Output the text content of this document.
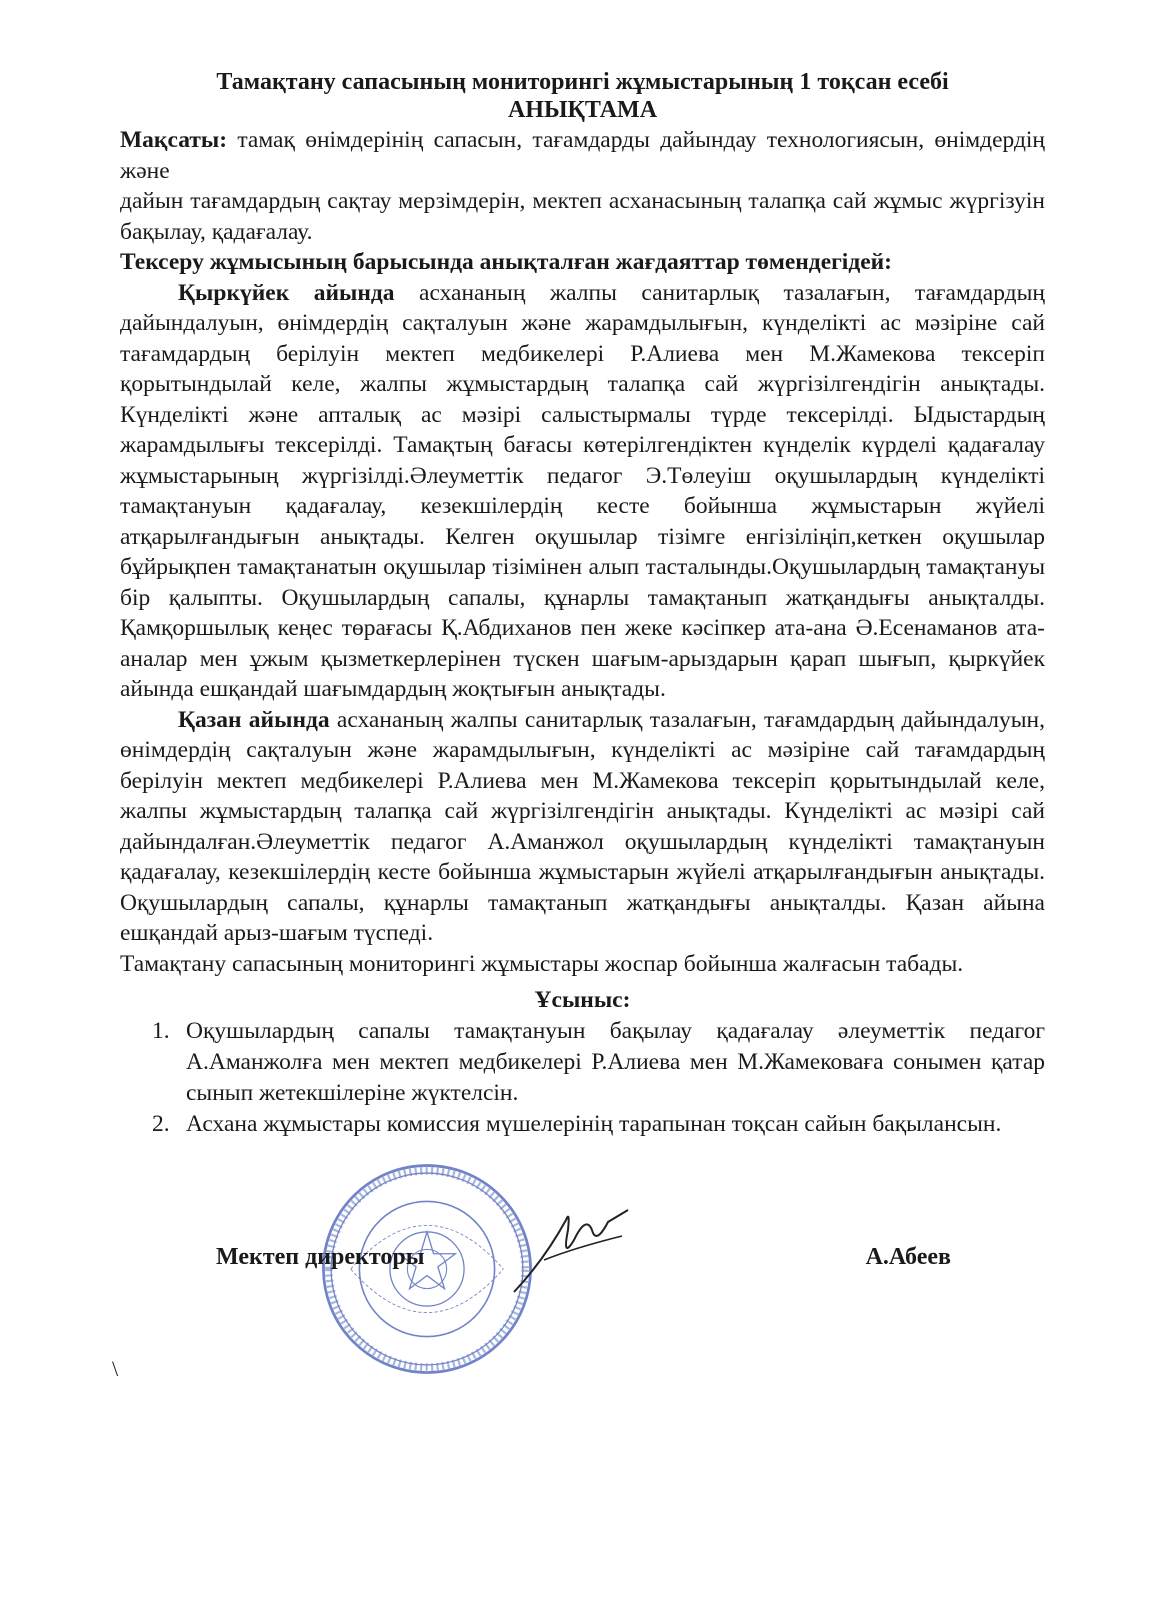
Тамақтану сапасының мониторингі жұмыстарының 1 тоқсан есебі
АНЫҚТАМА

Мақсаты: тамақ өнімдерінің сапасын, тағамдарды дайындау технологиясын, өнімдердің және

дайын тағамдардың сақтау мерзімдерін, мектеп асханасының талапқа сай жұмыс жүргізуін бақылау, қадағалау.

Тексеру жұмысының барысында анықталған жағдаяттар төмендегідей:

Қыркүйек айында асхананың жалпы санитарлық тазалағын, тағамдардың дайындалуын, өнімдердің сақталуын және жарамдылығын, күнделікті ас мәзіріне сай тағамдардың берілуін мектеп медбикелері Р.Алиева мен М.Жамекова тексеріп қорытындылай келе, жалпы жұмыстардың талапқа сай жүргізілгендігін анықтады. Күнделікті және апталық ас мәзірі салыстырмалы түрде тексерілді. Ыдыстардың жарамдылығы тексерілді. Тамақтың бағасы көтерілгендіктен күнделік күрделі қадағалау жұмыстарының жүргізілді.Әлеуметтік педагог Э.Төлеуіш оқушылардың күнделікті тамақтануын қадағалау, кезекшілердің кесте бойынша жұмыстарын жүйелі атқарылғандығын анықтады. Келген оқушылар тізімге енгізіліңіп,кеткен оқушылар бұйрықпен тамақтанатын оқушылар тізімінен алып тасталынды.Оқушылардың тамақтануы бір қалыпты. Оқушылардың сапалы, құнарлы тамақтанып жатқандығы анықталды. Қамқоршылық кеңес төрағасы Қ.Абдиханов пен жеке кәсіпкер ата-ана Ә.Есенаманов ата-аналар мен ұжым қызметкерлерінен түскен шағым-арыздарын қарап шығып, қыркүйек айында ешқандай шағымдардың жоқтығын анықтады.

Қазан айында асхананың жалпы санитарлық тазалағын, тағамдардың дайындалуын, өнімдердің сақталуын және жарамдылығын, күнделікті ас мәзіріне сай тағамдардың берілуін мектеп медбикелері Р.Алиева мен М.Жамекова тексеріп қорытындылай келе, жалпы жұмыстардың талапқа сай жүргізілгендігін анықтады. Күнделікті ас мәзірі сай дайындалған.Әлеуметтік педагог А.Аманжол оқушылардың күнделікті тамақтануын қадағалау, кезекшілердің кесте бойынша жұмыстарын жүйелі атқарылғандығын анықтады. Оқушылардың сапалы, құнарлы тамақтанып жатқандығы анықталды. Қазан айына ешқандай арыз-шағым түспеді.

Тамақтану сапасының мониторингі жұмыстары жоспар бойынша жалғасын табады.

Ұсыныс:
1. Оқушылардың сапалы тамақтануын бақылау қадағалау әлеуметтік педагог А.Аманжолға мен мектеп медбикелері Р.Алиева мен М.Жамековаға сонымен қатар сынып жетекшілеріне жүктелсін.
2. Асхана жұмыстары комиссия мүшелерінің тарапынан тоқсан сайын бақылансын.
Мектеп директоры	А.Абеев
\
